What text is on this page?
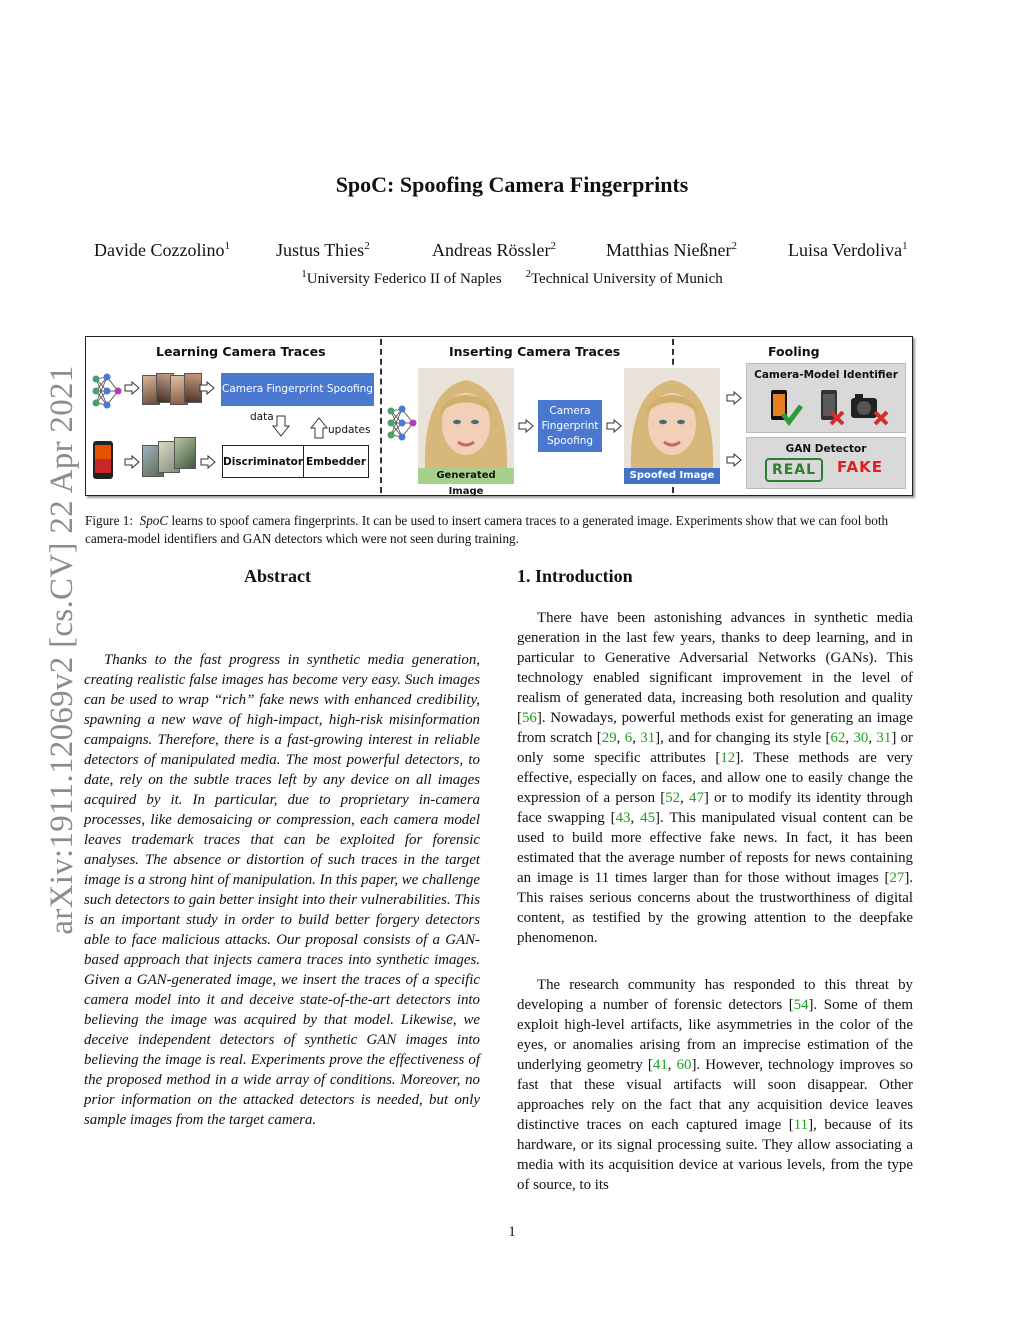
arXiv:1911.12069v2 [cs.CV] 22 Apr 2021
SpoC: Spoofing Camera Fingerprints
Davide Cozzolino$^1$	Justus Thies$^2$	Andreas Rössler$^2$	Matthias Nießner$^2$	Luisa Verdoliva$^1$
$^1$University Federico II of Naples $^2$Technical University of Munich
Learning Camera Traces	Inserting Camera Traces	Fooling
Camera Fingerprint Spoofing
data
updates
Discriminator Embedder
Generated Image
Camera Fingerprint Spoofing
Spoofed Image
Camera-Model Identifier
GAN Detector
REAL	FAKE

Figure 1: SpoC learns to spoof camera fingerprints. It can be used to insert camera traces to a generated image. Experiments show that we can fool both camera-model identifiers and GAN detectors which were not seen during training.

Abstract

Thanks to the fast progress in synthetic media generation, creating realistic false images has become very easy. Such images can be used to wrap “rich” fake news with enhanced credibility, spawning a new wave of high-impact, high-risk misinformation campaigns. Therefore, there is a fast-growing interest in reliable detectors of manipulated media. The most powerful detectors, to date, rely on the subtle traces left by any device on all images acquired by it. In particular, due to proprietary in-camera processes, like demosaicing or compression, each camera model leaves trademark traces that can be exploited for forensic analyses. The absence or distortion of such traces in the target image is a strong hint of manipulation. In this paper, we challenge such detectors to gain better insight into their vulnerabilities. This is an important study in order to build better forgery detectors able to face malicious attacks. Our proposal consists of a GAN-based approach that injects camera traces into synthetic images. Given a GAN-generated image, we insert the traces of a specific camera model into it and deceive state-of-the-art detectors into believing the image was acquired by that model. Likewise, we deceive independent detectors of synthetic GAN images into believing the image is real. Experiments prove the effectiveness of the proposed method in a wide array of conditions. Moreover, no prior information on the attacked detectors is needed, but only sample images from the target camera.

1. Introduction

There have been astonishing advances in synthetic media generation in the last few years, thanks to deep learning, and in particular to Generative Adversarial Networks (GANs). This technology enabled significant improvement in the level of realism of generated data, increasing both resolution and quality [56]. Nowadays, powerful methods exist for generating an image from scratch [29, 6, 31], and for changing its style [62, 30, 31] or only some specific attributes [12]. These methods are very effective, especially on faces, and allow one to easily change the expression of a person [52, 47] or to modify its identity through face swapping [43, 45]. This manipulated visual content can be used to build more effective fake news. In fact, it has been estimated that the average number of reposts for news containing an image is 11 times larger than for those without images [27]. This raises serious concerns about the trustworthiness of digital content, as testified by the growing attention to the deepfake phenomenon.

The research community has responded to this threat by developing a number of forensic detectors [54]. Some of them exploit high-level artifacts, like asymmetries in the color of the eyes, or anomalies arising from an imprecise estimation of the underlying geometry [41, 60]. However, technology improves so fast that these visual artifacts will soon disappear. Other approaches rely on the fact that any acquisition device leaves distinctive traces on each captured image [11], because of its hardware, or its signal processing suite. They allow associating a media with its acquisition device at various levels, from the type of source, to its

1
